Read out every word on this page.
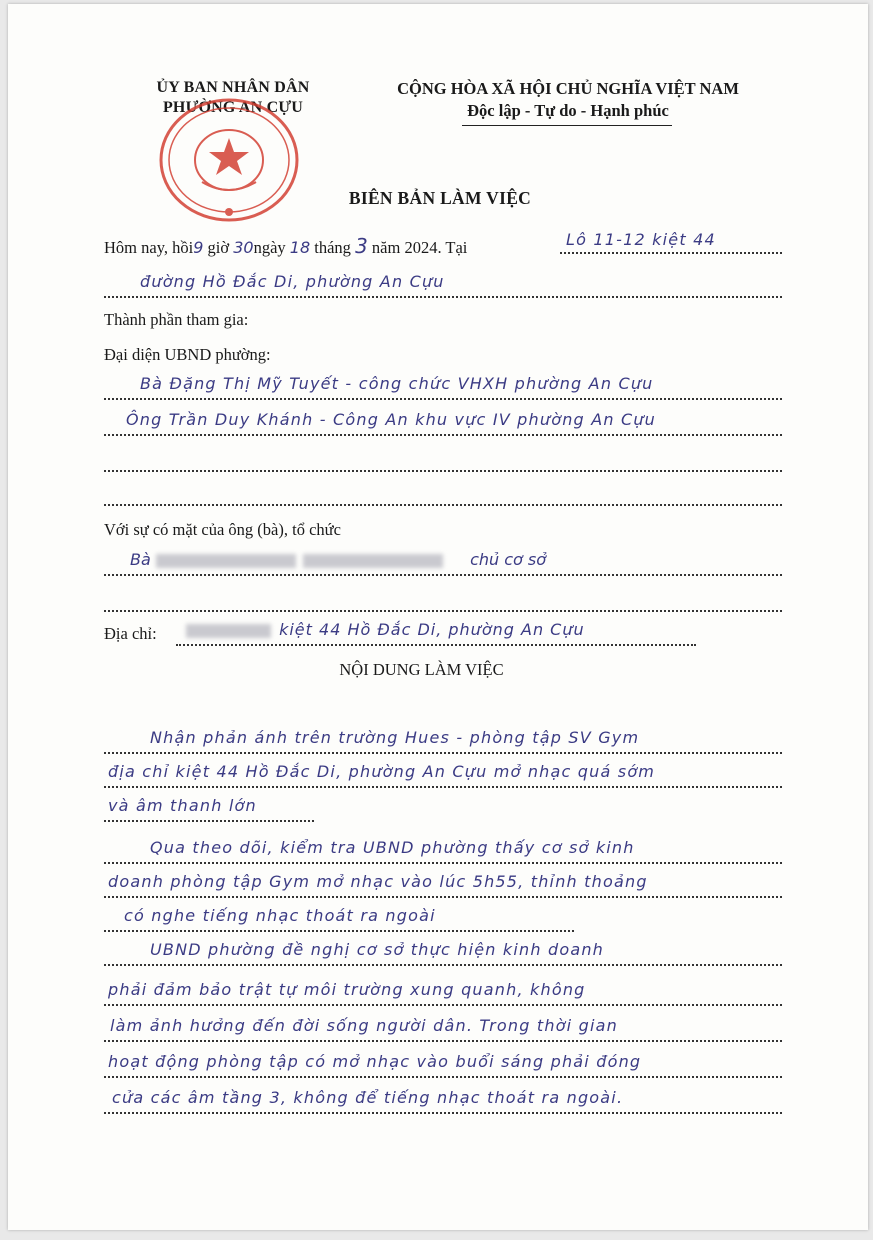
ỦY BAN NHÂN DÂN
PHƯỜNG AN CỰU
CỘNG HÒA XÃ HỘI CHỦ NGHĨA VIỆT NAM
Độc lập - Tự do - Hạnh phúc
BIÊN BẢN LÀM VIỆC
Hôm nay, hồi9 giờ 30ngày 18 tháng 3 năm 2024. Tại	Lô 11-12 kiệt 44
đường Hồ Đắc Di, phường An Cựu
Thành phần tham gia:
Đại diện UBND phường:
Bà Đặng Thị Mỹ Tuyết - công chức VHXH phường An Cựu
Ông Trần Duy Khánh - Công An khu vực IV phường An Cựu
Với sự có mặt của ông (bà), tổ chức
Bà	chủ cơ sở
Địa chỉ:	kiệt 44 Hồ Đắc Di, phường An Cựu
NỘI DUNG LÀM VIỆC
Nhận phản ánh trên trường Hues - phòng tập SV Gym
địa chỉ kiệt 44 Hồ Đắc Di, phường An Cựu mở nhạc quá sớm
và âm thanh lớn
Qua theo dõi, kiểm tra UBND phường thấy cơ sở kinh
doanh phòng tập Gym mở nhạc vào lúc 5h55, thỉnh thoảng
có nghe tiếng nhạc thoát ra ngoài
UBND phường đề nghị cơ sở thực hiện kinh doanh
phải đảm bảo trật tự môi trường xung quanh, không
làm ảnh hưởng đến đời sống người dân. Trong thời gian
hoạt động phòng tập có mở nhạc vào buổi sáng phải đóng
cửa các âm tầng 3, không để tiếng nhạc thoát ra ngoài.
